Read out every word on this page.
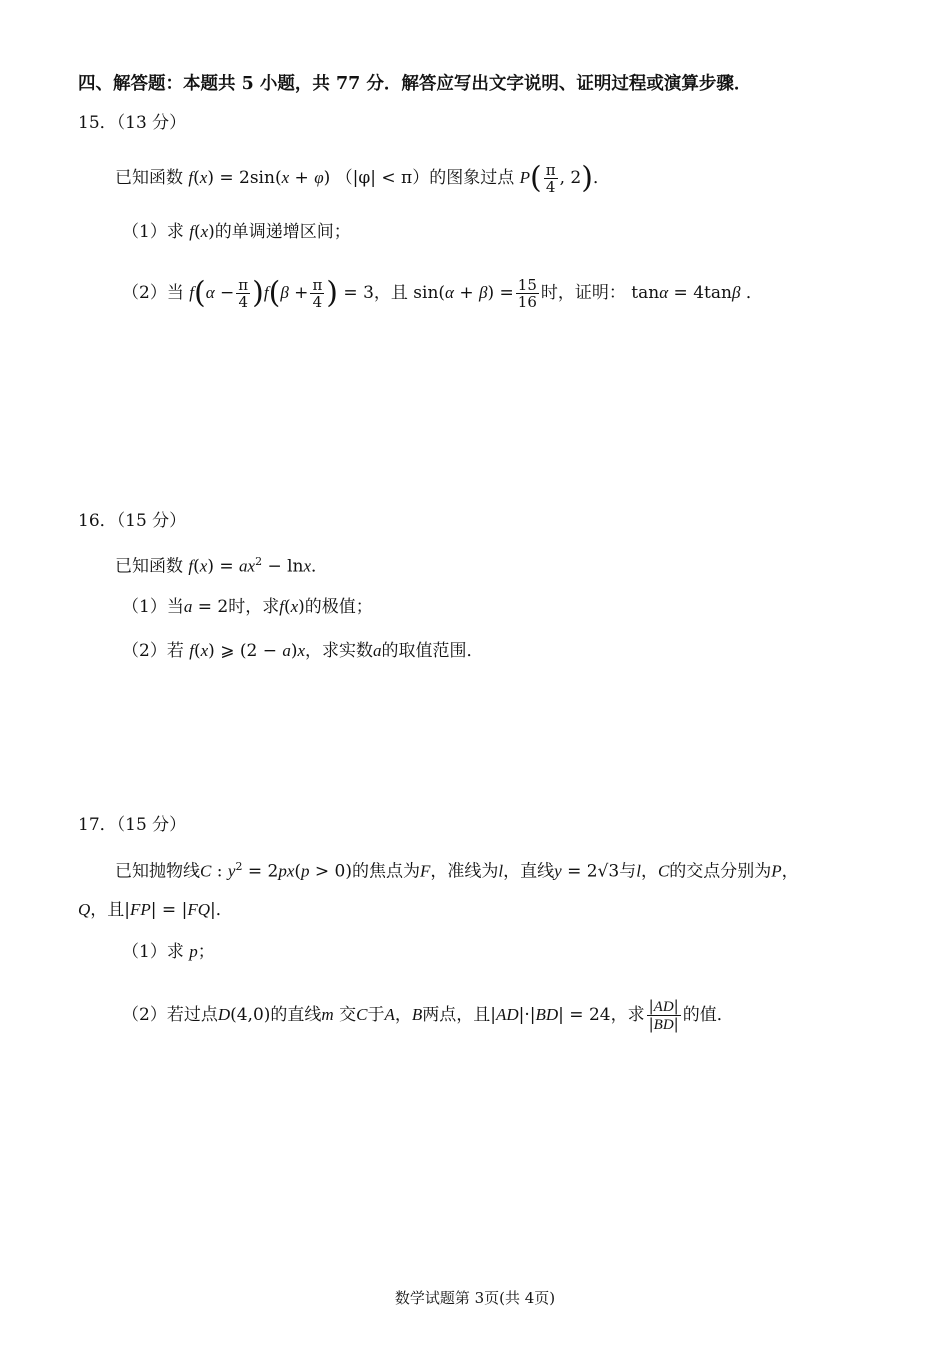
四、解答题：本题共 5 小题，共 77 分．解答应写出文字说明、证明过程或演算步骤．
15．（13 分）
已知函数 f(x) = 2sin(x + φ) （|φ| < π）的图象过点 $P( \frac{\pi}{4}$ , 2)．
（1）求 f(x)的单调递增区间；
（2）当 $f(\alpha - \frac{\pi}{4} )f(\beta + \frac{\pi}{4}$ ) = 3，且 $\sin(\alpha + \beta) = \frac{15}{16}$ 时，证明： tanα = 4tanβ ．
16．（15 分）
已知函数 $f(x) = ax^2 - \ln x$．
（1）当a = 2时，求f(x)的极值；
（2）若 f(x) ⩾ (2 − a)x，求实数a的取值范围．
17．（15 分）
已知抛物线C : $y^2 = 2px(p > 0)$的焦点为F，准线为l，直线y = 2√3与l，C的交点分别为P，
Q，且|FP| = |FQ|．
（1）求 p；
（2）若过点D(4,0)的直线m 交C于A，B两点，且|AD|·|BD| = 24，求 $\frac{|AD|}{|BD|}$ 的值．
数学试题第 3页(共 4页)
